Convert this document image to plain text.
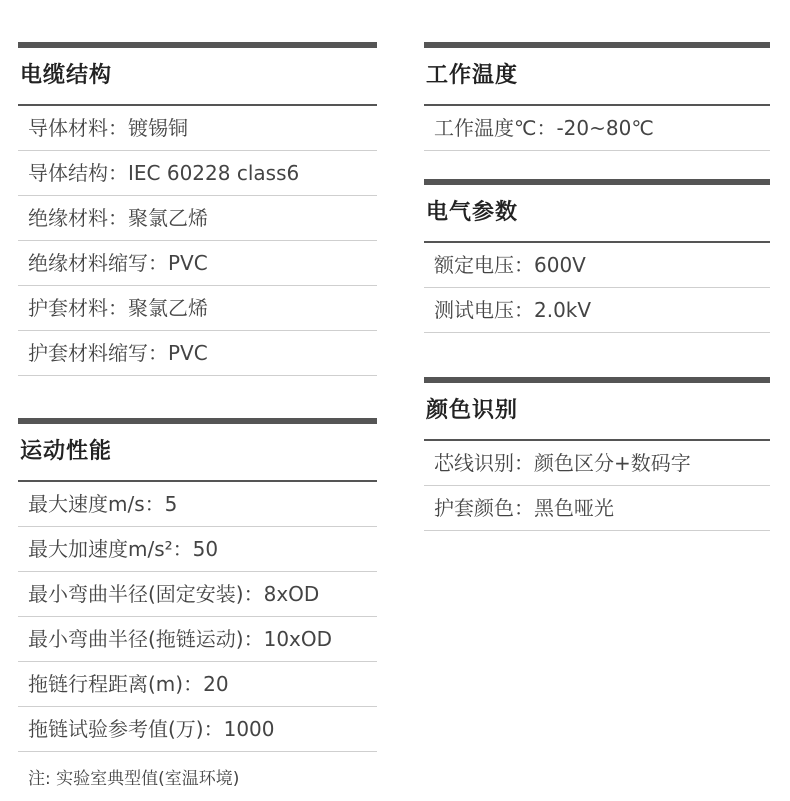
电缆结构
导体材料：镀锡铜
导体结构：IEC 60228 class6
绝缘材料：聚氯乙烯
绝缘材料缩写：PVC
护套材料：聚氯乙烯
护套材料缩写：PVC
运动性能
最大速度m/s：5
最大加速度m/s²：50
最小弯曲半径(固定安装)：8xOD
最小弯曲半径(拖链运动)：10xOD
拖链行程距离(m)：20
拖链试验参考值(万)：1000
注: 实验室典型值(室温环境)
工作温度
工作温度℃：-20~80℃
电气参数
额定电压：600V
测试电压：2.0kV
颜色识别
芯线识别：颜色区分+数码字
护套颜色：黑色哑光
